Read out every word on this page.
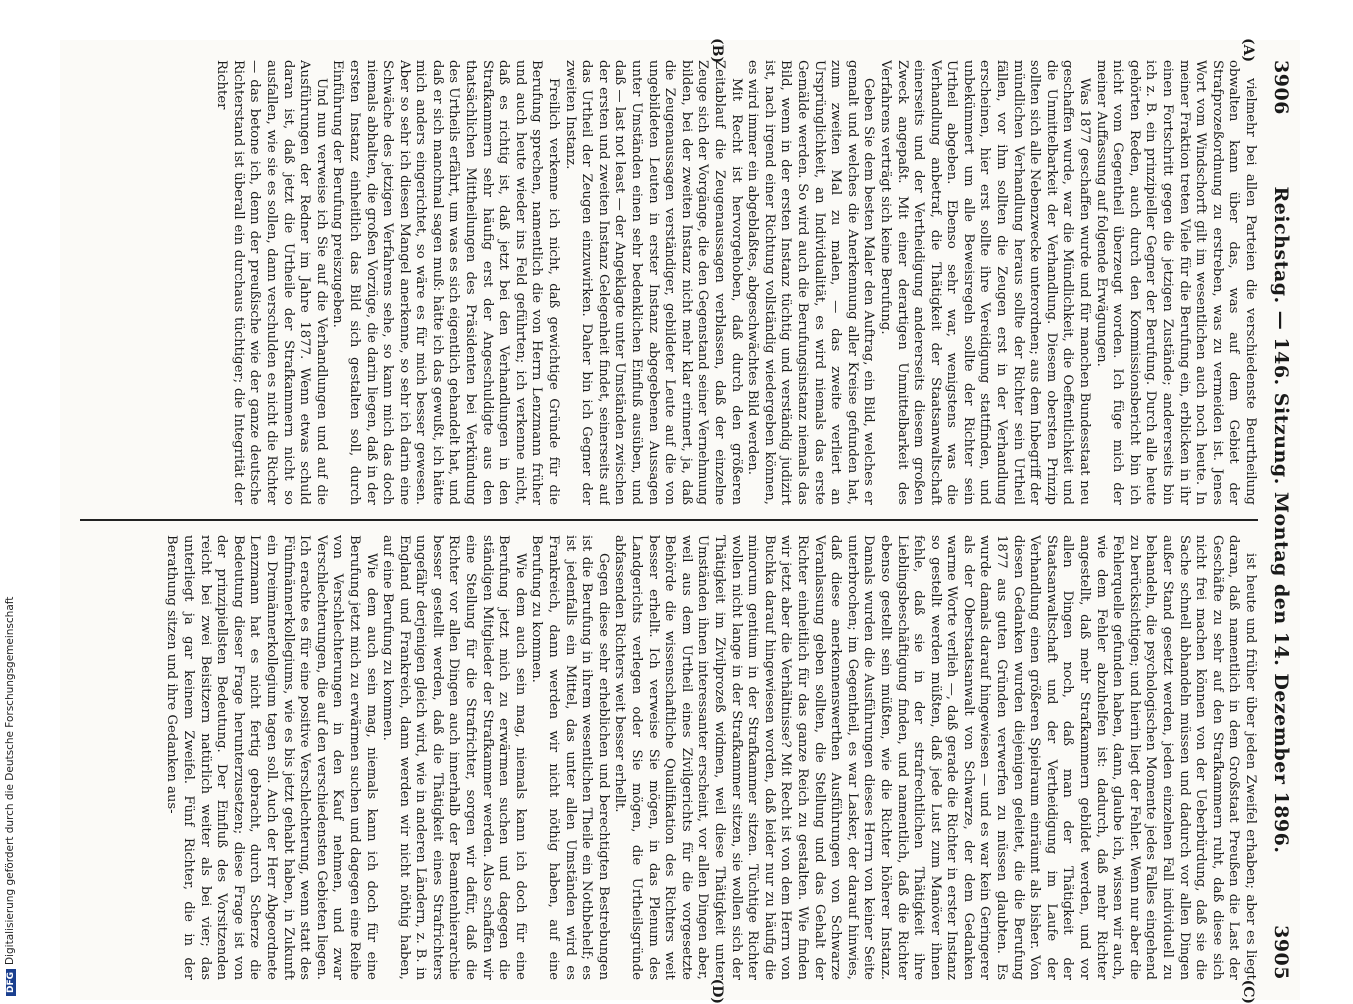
3906
Reichstag. — 146. Sitzung. Montag den 14. Dezember 1896.
3905
(A)
(B)
(C)
(D)

vielmehr bei allen Parteien die verschiedenste Beurtheilung obwalten kann über das, was auf dem Gebiet der Strafprozeßordnung zu erstreben, was zu vermeiden ist. Jenes Wort vom Windschorft gilt im wesentlichen auch noch heute. In meiner Fraktion treten Viele für die Berufung ein, erblicken in ihr einen Fortschritt gegen die jetzigen Zustände; andererseits bin ich z. B. ein prinzipieller Gegner der Berufung. Durch alle heute gehörten Reden, auch durch den Kommissionsbericht bin ich nicht vom Gegentheil überzeugt worden. Ich füge mich der meiner Auffassung auf folgende Erwägungen.

Was 1877 geschaffen wurde und für manchen Bundesstaat neu geschaffen wurde, war die Mündlichkeit, die Oeffentlichkeit und die Unmittelbarkeit der Verhandlung. Diesem obersten Prinzip sollten sich alle Nebenzwecke unterordnen; aus dem Inbegriff der mündlichen Verhandlung heraus sollte der Richter sein Urtheil fällen, vor ihm sollten die Zeugen erst in der Verhandlung erscheinen, hier erst sollte ihre Vereidigung stattfinden, und unbekümmert um alle Beweisregeln sollte der Richter sein Urtheil abgeben. Ebenso sehr war, wenigstens was die Verhandlung anbetraf, die Thätigkeit der Staatsanwaltschaft einerseits und der Vertheidigung andererseits diesem großen Zweck angepaßt. Mit einer derartigen Unmittelbarkeit des Verfahrens verträgt sich keine Berufung.

Geben Sie dem besten Maler den Auftrag, ein Bild, welches er gemalt und welches die Anerkennung aller Kreise gefunden hat, zum zweiten Mal zu malen, — das zweite verliert an Ursprünglichkeit, an Individualität, es wird niemals das erste Gemälde werden. So wird auch die Berufungsinstanz niemals das Bild, wenn in der ersten Instanz tüchtig und verständig judizirt ist, nach irgend einer Richtung vollständig wiedergeben können, es wird immer ein abgeblaßtes, abgeschwächtes Bild werden.

Mit Recht ist hervorgehoben, daß durch den größeren Zeitablauf die Zeugenaussagen verblassen, daß der einzelne Zeuge sich der Vorgänge, die den Gegenstand seiner Vernehmung bilden, bei der zweiten Instanz nicht mehr klar erinnert, ja, daß die Zeugenaussagen verständiger, gebildeter Leute auf die von ungebildeten Leuten in erster Instanz abgegebenen Aussagen unter Umständen einen sehr bedenklichen Einfluß ausüben, und daß — last not least — der Angeklagte unter Umständen zwischen der ersten und zweiten Instanz Gelegenheit findet, seinerseits auf das Urtheil der Zeugen einzuwirken. Daher bin ich Gegner der zweiten Instanz.

Freilich verkenne ich nicht, daß gewichtige Gründe für die Berufung sprechen, namentlich die von Herrn Lenzmann früher und auch heute wieder ins Feld geführten; ich verkenne nicht, daß es richtig ist, daß jetzt bei den Verhandlungen in den Strafkammern sehr häufig erst der Angeschuldigte aus den thatsächlichen Mittheilungen des Präsidenten bei Verkündung des Urtheils erfährt, um was es sich eigentlich gehandelt hat, und daß er sich manchmal sagen muß: hätte ich das gewußt, ich hätte mich anders eingerichtet, so wäre es für mich besser gewesen. Aber so sehr ich diesen Mangel anerkenne, so sehr ich darin eine Schwäche des jetzigen Verfahrens sehe, so kann mich das doch niemals abhalten, die großen Vorzüge, die darin liegen, daß in der ersten Instanz einheitlich das Bild sich gestalten soll, durch Einführung der Berufung preiszugeben.

Und nun verweise ich Sie auf die Verhandlungen und auf die Ausführungen der Redner im Jahre 1877. Wenn etwas schuld daran ist, daß jetzt die Urtheile der Strafkammern nicht so ausfallen, wie sie es sollen, dann verschulden es nicht die Richter — das betone ich, denn der preußische wie der ganze deutsche Richterstand ist überall ein durchaus tüchtiger; die Integrität der Richter

ist heute und früher über jeden Zweifel erhaben; aber es liegt daran, daß namentlich in dem Großstaat Preußen die Last der Geschäfte zu sehr auf den Strafkammern ruht, daß diese sich nicht frei machen können von der Ueberbürdung, daß sie die Sache schnell abhandeln müssen und dadurch vor allen Dingen außer Stand gesetzt werden, jeden einzelnen Fall individuell zu behandeln, die psychologischen Momente jedes Falles eingehend zu berücksichtigen; und hierin liegt der Fehler. Wenn nur aber die Fehlerquelle gefunden haben, dann, glaube ich, wissen wir auch, wie dem Fehler abzuhelfen ist: dadurch, daß mehr Richter angestellt, daß mehr Strafkammern gebildet werden, und vor allen Dingen noch, daß man der Thätigkeit der Staatsanwaltschaft und der Vertheidigung im Laufe der Verhandlung einen größeren Spielraum einräumt als bisher. Von diesen Gedanken wurden diejenigen geleitet, die die Berufung 1877 aus guten Gründen verwerfen zu müssen glaubten. Es wurde damals darauf hingewiesen — und es war kein Geringerer als der Oberstaatsanwalt von Schwarze, der dem Gedanken warme Worte verlieh —, daß gerade die Richter in erster Instanz so gestellt werden müßten, daß jede Lust zum Manöver ihnen fehle, daß sie in der strafrechtlichen Thätigkeit ihre Lieblingsbeschäftigung finden, und namentlich, daß die Richter ebenso gestellt sein müßten, wie die Richter höherer Instanz. Damals wurden die Ausführungen dieses Herrn von keiner Seite unterbrochen; im Gegentheil, es war Lasker, der darauf hinwies, daß diese anerkennenswerthen Ausführungen von Schwarze Veranlassung geben sollten, die Stellung und das Gehalt der Richter einheitlich für das ganze Reich zu gestalten. Wie finden wir jetzt aber die Verhältnisse? Mit Recht ist von dem Herrn von Buchka darauf hingewiesen worden, daß leider nur zu häufig die minorum gentium in der Strafkammer sitzen. Tüchtige Richter wollen nicht lange in der Strafkammer sitzen, sie wollen sich der Thätigkeit im Zivilprozeß widmen, weil diese Thätigkeit unter Umständen ihnen interessanter erscheint, vor allen Dingen aber, weil aus dem Urtheil eines Zivilgerichts für die vorgesetzte Behörde die wissenschaftliche Qualifikation des Richters weit besser erhellt. Ich verweise Sie mögen, in das Plenum des Landgerichts verlegen oder Sie mögen, die Urtheilsgründe abfassenden Richters weit besser erhellt.

Gegen diese sehr erheblichen und berechtigten Bestrebungen ist die Berufung in ihrem wesentlichen Theile ein Nothbehelf; es ist jedenfalls ein Mittel, das unter allen Umständen wird es Frankreich, dann werden wir nicht nöthig haben, auf eine Berufung zu kommen.

Wie dem auch sein mag, niemals kann ich doch für eine Berufung jetzt mich zu erwärmen suchen und dagegen die ständigen Mitglieder der Strafkammer werden. Also schaffen wir eine Stellung für die Strafrichter, sorgen wir dafür, daß die Richter vor allen Dingen auch innerhalb der Beamtenhierarchie besser gestellt werden, daß die Thätigkeit eines Strafrichters ungefähr derjenigen gleich wird, wie in anderen Ländern, z. B. in England und Frankreich, dann werden wir nicht nöthig haben, auf eine Berufung zu kommen.

Wie dem auch sein mag, niemals kann ich doch für eine Berufung jetzt mich zu erwärmen suchen und dagegen eine Reihe von Verschlechterungen in den Kauf nehmen, und zwar Verschlechterungen, die auf den verschiedensten Gebieten liegen. Ich erachte es für eine positive Verschlechterung, wenn statt des Fünfmännerkollegiums, wie es bis jetzt gehabt haben, in Zukunft ein Dreimännerkollegium tagen soll. Auch der Herr Abgeordnete Lenzmann hat es nicht fertig gebracht, durch Scherze die Bedeutung dieser Frage herunterzusetzen; diese Frage ist von der prinzipiellsten Bedeutung. Der Einfluß des Vorsitzenden reicht bei zwei Beisitzern natürlich weiter als bei vier; das unterliegt ja gar keinem Zweifel. Fünf Richter, die in der Berathung sitzen und ihre Gedanken aus-

DFGDigitalisierung gefördert durch die Deutsche Forschungsgemeinschaft
